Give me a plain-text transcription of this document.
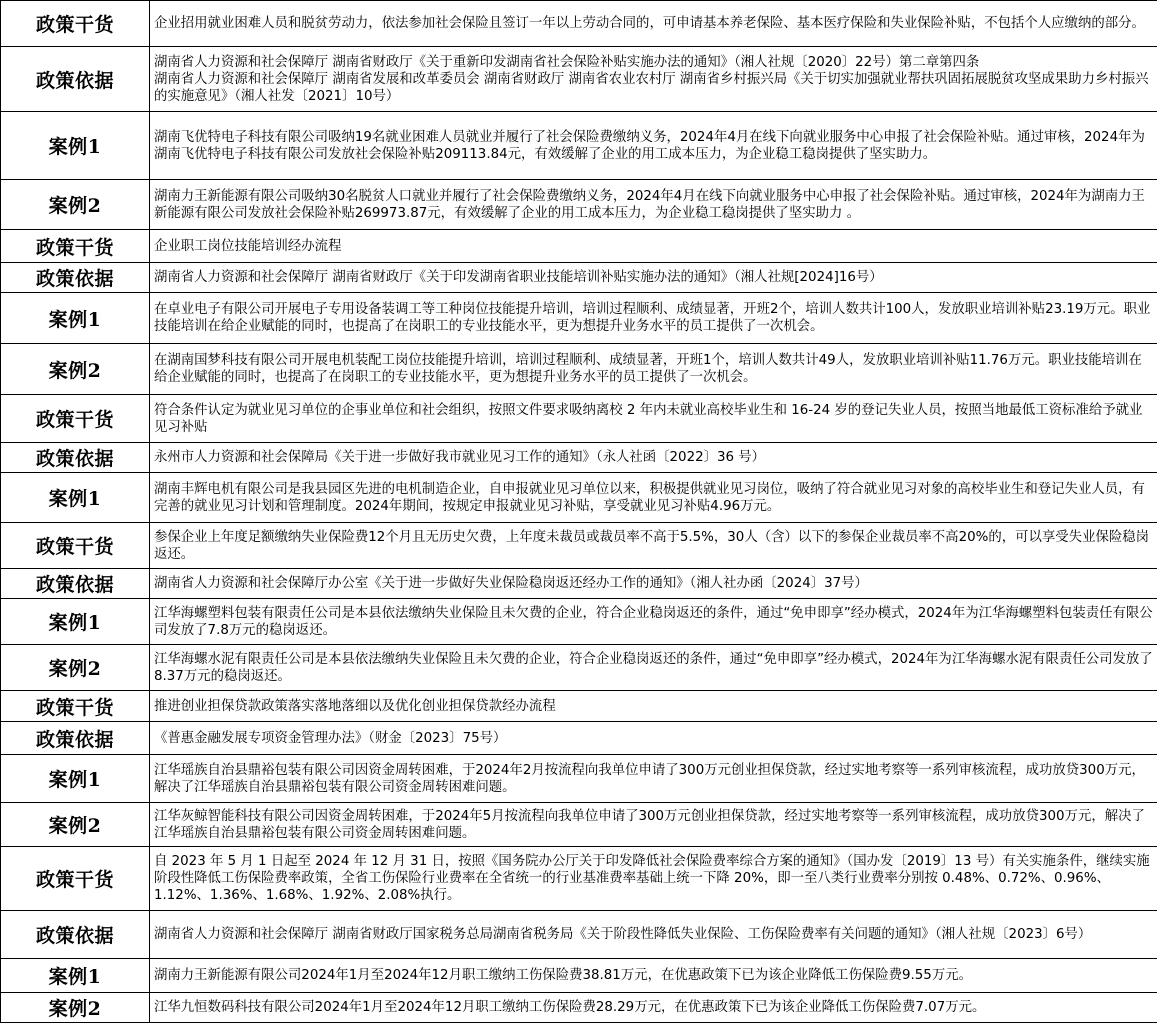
政策干货	企业招用就业困难人员和脱贫劳动力，依法参加社会保险且签订一年以上劳动合同的，可申请基本养老保险、基本医疗保险和失业保险补贴，不包括个人应缴纳的部分。
政策依据	湖南省人力资源和社会保障厅 湖南省财政厅《关于重新印发湖南省社会保险补贴实施办法的通知》（湘人社规〔2020〕22号）第二章第四条
湖南省人力资源和社会保障厅 湖南省发展和改革委员会 湖南省财政厅 湖南省农业农村厅 湖南省乡村振兴局《关于切实加强就业帮扶巩固拓展脱贫攻坚成果助力乡村振兴的实施意见》（湘人社发〔2021〕10号）
案例1	湖南飞优特电子科技有限公司吸纳19名就业困难人员就业并履行了社会保险费缴纳义务，2024年4月在线下向就业服务中心申报了社会保险补贴。通过审核，2024年为湖南飞优特电子科技有限公司发放社会保险补贴209113.84元，有效缓解了企业的用工成本压力，为企业稳工稳岗提供了坚实助力。
案例2	湖南力王新能源有限公司吸纳30名脱贫人口就业并履行了社会保险费缴纳义务，2024年4月在线下向就业服务中心申报了社会保险补贴。通过审核，2024年为湖南力王新能源有限公司发放社会保险补贴269973.87元，有效缓解了企业的用工成本压力，为企业稳工稳岗提供了坚实助力 。
政策干货	企业职工岗位技能培训经办流程
政策依据	湖南省人力资源和社会保障厅 湖南省财政厅《关于印发湖南省职业技能培训补贴实施办法的通知》（湘人社规[2024]16号）
案例1	在卓业电子有限公司开展电子专用设备装调工等工种岗位技能提升培训，培训过程顺利、成绩显著，开班2个，培训人数共计100人，发放职业培训补贴23.19万元。职业技能培训在给企业赋能的同时，也提高了在岗职工的专业技能水平，更为想提升业务水平的员工提供了一次机会。
案例2	在湖南国梦科技有限公司开展电机装配工岗位技能提升培训，培训过程顺利、成绩显著，开班1个，培训人数共计49人，发放职业培训补贴11.76万元。职业技能培训在给企业赋能的同时，也提高了在岗职工的专业技能水平，更为想提升业务水平的员工提供了一次机会。
政策干货	符合条件认定为就业见习单位的企事业单位和社会组织，按照文件要求吸纳离校 2 年内未就业高校毕业生和 16-24 岁的登记失业人员，按照当地最低工资标准给予就业见习补贴
政策依据	永州市人力资源和社会保障局《关于进一步做好我市就业见习工作的通知》（永人社函〔2022〕36 号）
案例1	湖南丰辉电机有限公司是我县园区先进的电机制造企业，自申报就业见习单位以来，积极提供就业见习岗位，吸纳了符合就业见习对象的高校毕业生和登记失业人员，有完善的就业见习计划和管理制度。2024年期间，按规定申报就业见习补贴，享受就业见习补贴4.96万元。
政策干货	参保企业上年度足额缴纳失业保险费12个月且无历史欠费，上年度未裁员或裁员率不高于5.5%，30人（含）以下的参保企业裁员率不高20%的，可以享受失业保险稳岗返还。
政策依据	湖南省人力资源和社会保障厅办公室《关于进一步做好失业保险稳岗返还经办工作的通知》（湘人社办函〔2024〕37号）
案例1	江华海螺塑料包装有限责任公司是本县依法缴纳失业保险且未欠费的企业，符合企业稳岗返还的条件，通过“免申即享”经办模式，2024年为江华海螺塑料包装责任有限公司发放了7.8万元的稳岗返还。
案例2	江华海螺水泥有限责任公司是本县依法缴纳失业保险且未欠费的企业，符合企业稳岗返还的条件，通过“免申即享”经办模式，2024年为江华海螺水泥有限责任公司发放了8.37万元的稳岗返还。
政策干货	推进创业担保贷款政策落实落地落细以及优化创业担保贷款经办流程
政策依据	《普惠金融发展专项资金管理办法》（财金〔2023〕75号）
案例1	江华瑶族自治县鼎裕包装有限公司因资金周转困难，于2024年2月按流程向我单位申请了300万元创业担保贷款，经过实地考察等一系列审核流程，成功放贷300万元，解决了江华瑶族自治县鼎裕包装有限公司资金周转困难问题。
案例2	江华灰鲸智能科技有限公司因资金周转困难，于2024年5月按流程向我单位申请了300万元创业担保贷款，经过实地考察等一系列审核流程，成功放贷300万元，解决了江华瑶族自治县鼎裕包装有限公司资金周转困难问题。
政策干货	自 2023 年 5 月 1 日起至 2024 年 12 月 31 日，按照《国务院办公厅关于印发降低社会保险费率综合方案的通知》（国办发〔2019〕13 号）有关实施条件，继续实施阶段性降低工伤保险费率政策，全省工伤保险行业费率在全省统一的行业基准费率基础上统一下降 20%，即一至八类行业费率分别按 0.48%、0.72%、0.96%、1.12%、1.36%、1.68%、1.92%、2.08%执行。
政策依据	湖南省人力资源和社会保障厅 湖南省财政厅国家税务总局湖南省税务局《关于阶段性降低失业保险、工伤保险费率有关问题的通知》（湘人社规〔2023〕6号）
案例1	湖南力王新能源有限公司2024年1月至2024年12月职工缴纳工伤保险费38.81万元，在优惠政策下已为该企业降低工伤保险费9.55万元。
案例2	江华九恒数码科技有限公司2024年1月至2024年12月职工缴纳工伤保险费28.29万元，在优惠政策下已为该企业降低工伤保险费7.07万元。
